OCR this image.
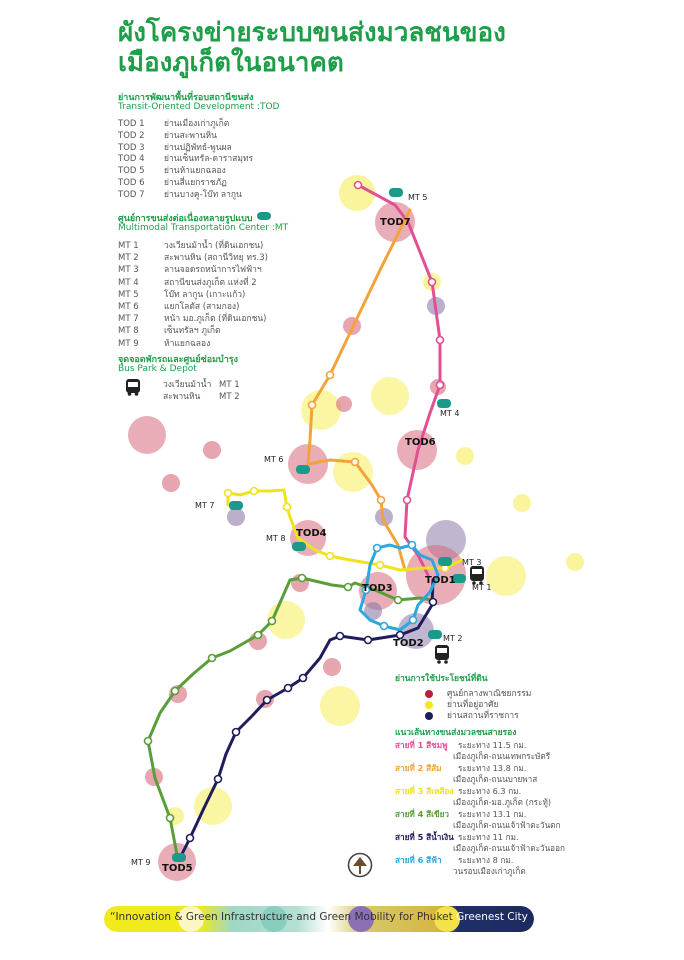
TOD7
TOD6
TOD4
TOD1
TOD3
TOD2
TOD5
MT 5
MT 4
MT 6
MT 7
MT 8
MT 3
MT 1
MT 2
MT 9
ผังโครงข่ายระบบขนส่งมวลชนของ
เมืองภูเก็ตในอนาคต
ย่านการพัฒนาพื้นที่รอบสถานีขนส่ง
Transit-Oriented Development :TOD
TOD 1 ย่านเมืองเก่าภูเก็ต
TOD 2 ย่านสะพานหิน
TOD 3 ย่านปฏิพัทธ์-พูนผล
TOD 4 ย่านเซ็นทรัล-ดาราสมุทร
TOD 5 ย่านห้าแยกฉลอง
TOD 6 ย่านสี่แยกราชภัฏ
TOD 7 ย่านบางคู-โบ๊ท ลากูน
ศูนย์การขนส่งต่อเนื่องหลายรูปแบบ
Multimodal Transportation Center :MT
MT 1	วงเวียนม้าน้ำ (ที่ดินเอกชน)
MT 2	สะพานหิน (สถานีวิทยุ ทร.3)
MT 3	ลานจอดรถหน้าการไฟฟ้าฯ
MT 4	สถานีขนส่งภูเก็ต แห่งที่ 2
MT 5	โบ๊ท ลากูน (เกาะแก้ว)
MT 6	แยกโลตัส (สามกอง)
MT 7	หน้า มอ.ภูเก็ต (ที่ดินเอกชน)
MT 8	เซ็นทรัลฯ ภูเก็ต
MT 9	ห้าแยกฉลอง
จุดจอดพักรถและศูนย์ซ่อมบำรุง
Bus Park & Depot
วงเวียนม้าน้ำ MT 1
สะพานหิน MT 2
ย่านการใช้ประโยชน์ที่ดิน
ศูนย์กลางพาณิชยกรรม
ย่านที่อยู่อาศัย
ย่านสถานที่ราชการ
แนวเส้นทางขนส่งมวลชนสายรอง
สายที่ 1 สีชมพู ระยะทาง 11.5 กม.
เมืองภูเก็ต-ถนนเทพกระษัตรี
สายที่ 2 สีส้ม ระยะทาง 13.8 กม.
เมืองภูเก็ต-ถนนบายพาส
สายที่ 3 สีเหลือง ระยะทาง 6.3 กม.
เมืองภูเก็ต-มอ.ภูเก็ต (กระทู้)
สายที่ 4 สีเขียว ระยะทาง 13.1 กม.
เมืองภูเก็ต-ถนนเจ้าฟ้าตะวันตก
สายที่ 5 สีน้ำเงิน ระยะทาง 11 กม.
เมืองภูเก็ต-ถนนเจ้าฟ้าตะวันออก
สายที่ 6 สีฟ้า ระยะทาง 8 กม.
วนรอบเมืองเก่าภูเก็ต
“Innovation & Green Infrastructure and Green Mobility for Phuket Greenest City
